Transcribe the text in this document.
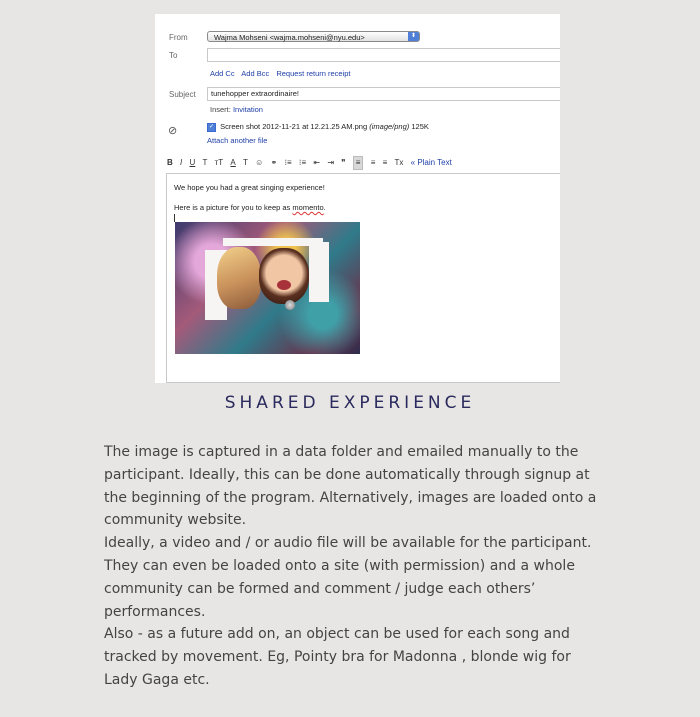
From	Wajma Mohseni <wajma.mohseni@nyu.edu>	⬍
To
Add Cc Add Bcc Request return receipt
Subject	tunehopper extraordinaire!
Insert: Invitation
⊘	✓ Screen shot 2012-11-21 at 12.21.25 AM.png (image/png) 125K
Attach another file
B I U T тT A T ☺ ⚭ ⁝≡ ⁝≡ ⇤ ⇥ ❞ ≡ ≡ ≡ Tx « Plain Text
We hope you had a great singing experience!
Here is a picture for you to keep as momento.
SHARED EXPERIENCE

The image is captured in a data folder and emailed manually to the participant. Ideally, this can be done automatically through signup at the beginning of the program. Alternatively, images are loaded onto a community website.

Ideally, a video and / or audio file will be available for the participant. They can even be loaded onto a site (with permission) and a whole community can be formed and comment / judge each others’ performances.

Also - as a future add on, an object can be used for each song and tracked by movement. Eg, Pointy bra for Madonna , blonde wig for Lady Gaga etc.
